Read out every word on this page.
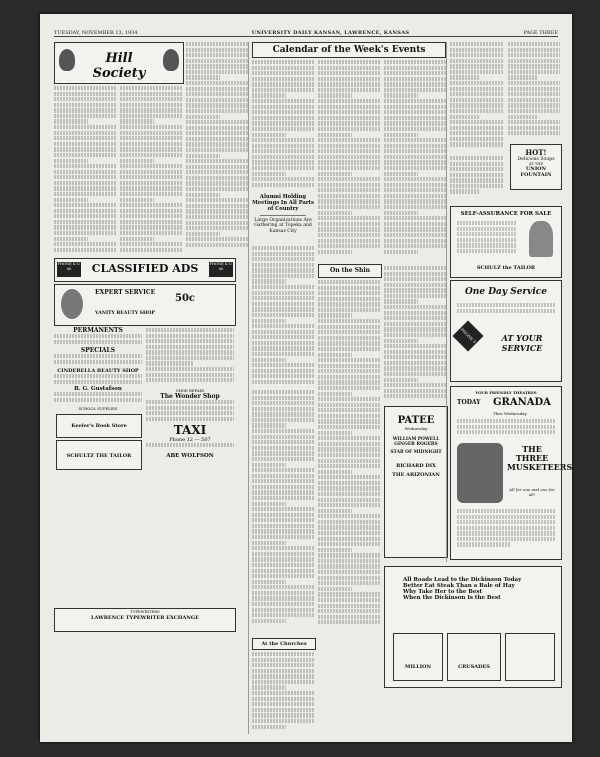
TUESDAY, NOVEMBER 13, 1934	UNIVERSITY DAILY KANSAN, LAWRENCE, KANSAS	PAGE THREE
Hill Society
Calendar of the Week's Events
Alumni Holding Meetings In All Parts of Country
Large Organizations Are Gathering at Topeka and Kansas City
HOT!
Delicious Soups
AT THE
UNION FOUNTAIN
PHONE K.U. 66	CLASSIFIED ADS	PHONE K.U. 66
EXPERT SERVICE
50c
VANITY BEAUTY SHOP
PERMANENTS
SPECIALS
CINDERELLA BEAUTY SHOP
B. G. Gustafson
SCHOOL SUPPLIES
Keeler's Book Store
SCHULTZ THE TAILOR
SHOE REPAIR
The Wonder Shop
TAXI
Phone 12 — 507
ABE WOLFSON
TYPEWRITERS
LAWRENCE TYPEWRITER EXCHANGE
On the Shin
At the Churches
PATEE
Wednesday
WILLIAM POWELL
GINGER ROGERS
STAR OF MIDNIGHT
RICHARD DIX
THE ARIZONIAN
SELF-ASSURANCE FOR SALE
SCHULZ the TAILOR
One Day Service
PHONE 9	AT YOUR SERVICE
YOUR FRIENDLY THEATRES
TODAY GRANADA
Thru Wednesday
THE THREE MUSKETEERS
All for one and one for all!
All Roads Lead to the Dickinson Today
Better Eat Steak Than a Bale of Hay
Why Take Her to the Best
When the Dickinson Is the Best
MILLION	CRUSADES
